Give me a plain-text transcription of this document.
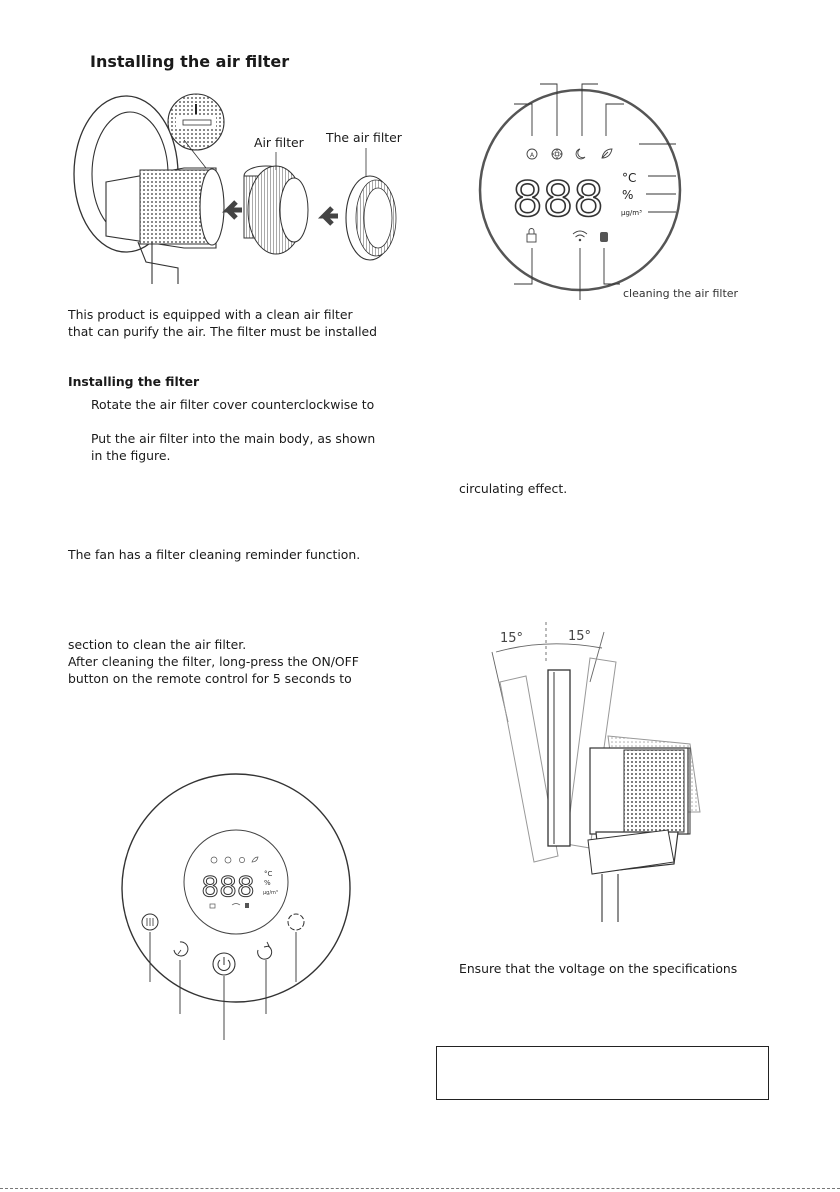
Installing the air filter
Air filter The air filter
This product is equipped with a clean air filter
that can purify the air. The filter must be installed
Installing the filter
Rotate the air filter cover counterclockwise to
Put the air filter into the main body, as shown
in the figure.
The fan has a filter cleaning reminder function.
section to clean the air filter.
After cleaning the filter, long-press the ON/OFF
button on the remote control for 5 seconds to
A
888 °C
%
µg/m³
cleaning the air filter
circulating effect.
15°	15°
Ensure that the voltage on the specifications
888 °C
%
µg/m³
